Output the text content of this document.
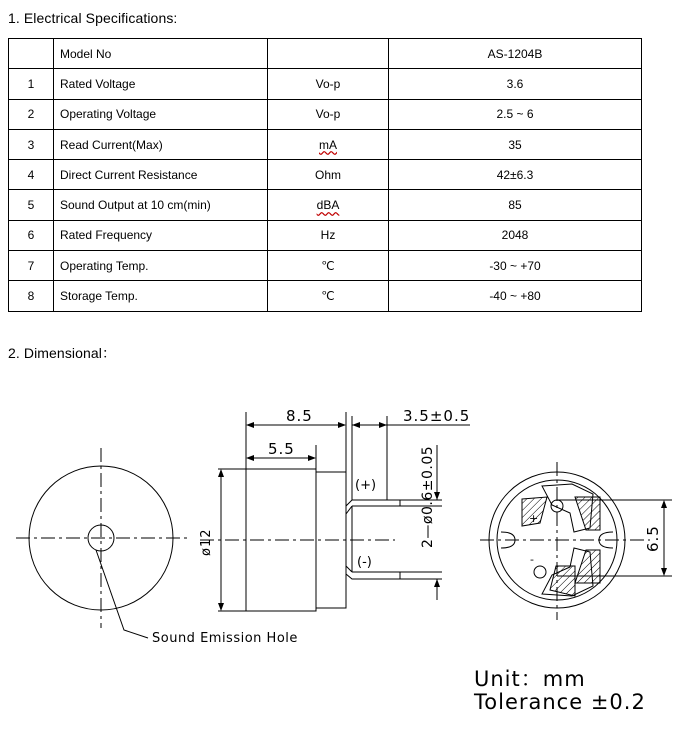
1. Electrical Specifications:
	Model No		AS-1204B
1	Rated Voltage	Vo-p	3.6
2	Operating Voltage	Vo-p	2.5 ~ 6
3	Read Current(Max)	mA	35
4	Direct Current Resistance	Ohm	42±6.3
5	Sound Output at 10 cm(min)	dBA	85
6	Rated Frequency	Hz	2048
7	Operating Temp.	℃	-30 ~ +70
8	Storage Temp.	℃	-40 ~ +80
2. Dimensional：
Sound Emission Hole
(+)
(-)
ø12
8.5
5.5
3.5±0.5
2—ø0.6±0.05	+
-
6.5
Unit：mm
Tolerance ±0.2
